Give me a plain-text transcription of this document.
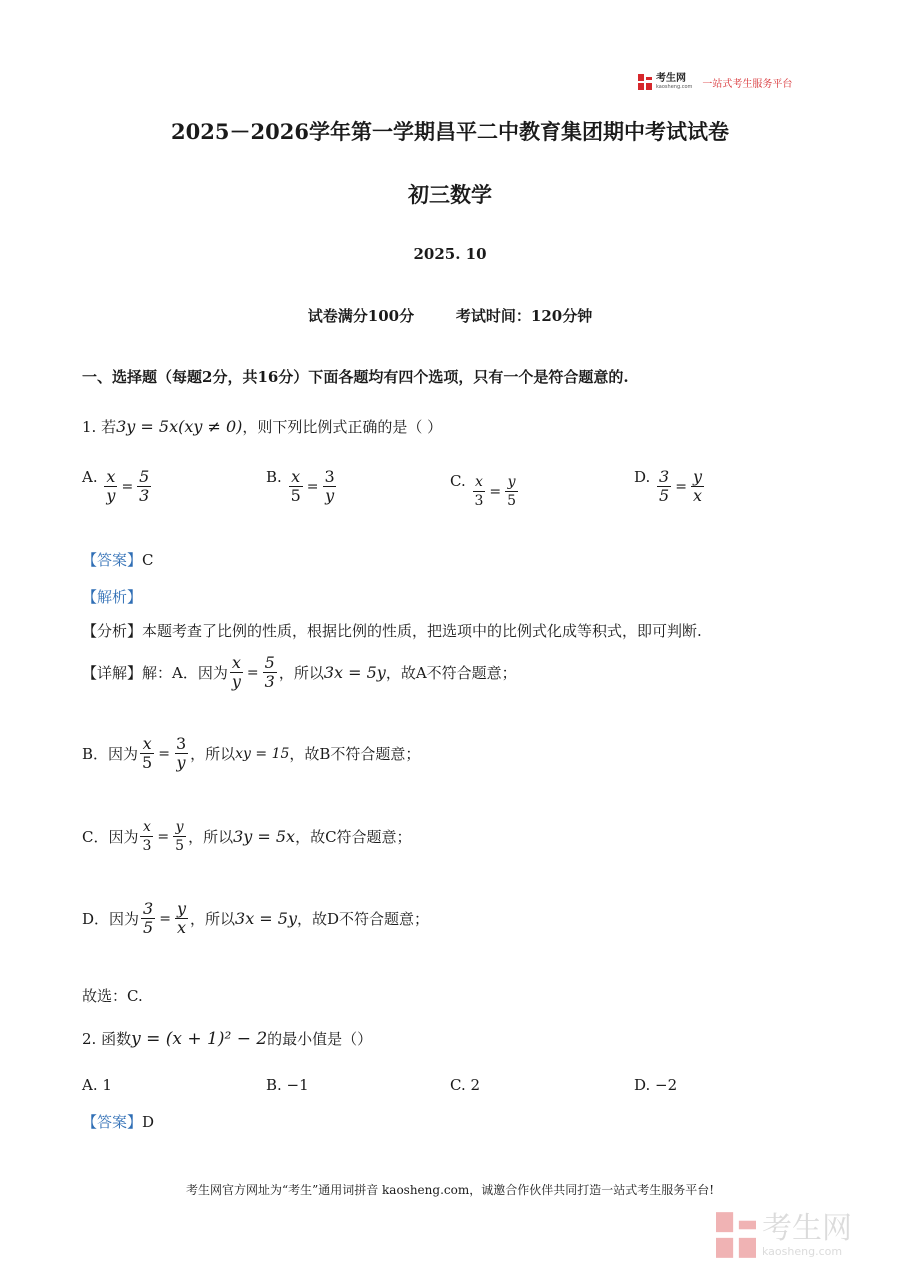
考生网
kaosheng.com 一站式考生服务平台
2025－2026学年第一学期昌平二中教育集团期中考试试卷
初三数学
2025. 10
试卷满分100分        考试时间：120分钟
一、选择题（每题2分，共16分）下面各题均有四个选项，只有一个是符合题意的.
1. 若3y = 5x(xy ≠ 0)，则下列比例式正确的是（ ）
A. $\frac{x}{y} = \frac{5}{3}$	B. $\frac{x}{5} = \frac{3}{y}$	C. $\frac{x}{3} = \frac{y}{5}$	D. $\frac{3}{5} = \frac{y}{x}$
【答案】C
【解析】
【分析】本题考查了比例的性质，根据比例的性质，把选项中的比例式化成等积式，即可判断.
【详解】解：A．因为 $\frac{x}{y} = \frac{5}{3}$ ，所以 3x = 5y ，故A不符合题意；
B．因为 $\frac{x}{5} = \frac{3}{y}$ ，所以 xy = 15 ，故B不符合题意；
C．因为 $\frac{x}{3} = \frac{y}{5}$ ，所以 3y = 5x ，故C符合题意；
D．因为 $\frac{3}{5} = \frac{y}{x}$ ，所以 3x = 5y ，故D不符合题意；
故选：C.
2. 函数y = (x + 1)² − 2的最小值是（）
A. 1	B. −1	C. 2	D. −2
【答案】D
考生网官方网址为“考生”通用词拼音 kaosheng.com，诚邀合作伙伴共同打造一站式考生服务平台!
考生网
kaosheng.com
